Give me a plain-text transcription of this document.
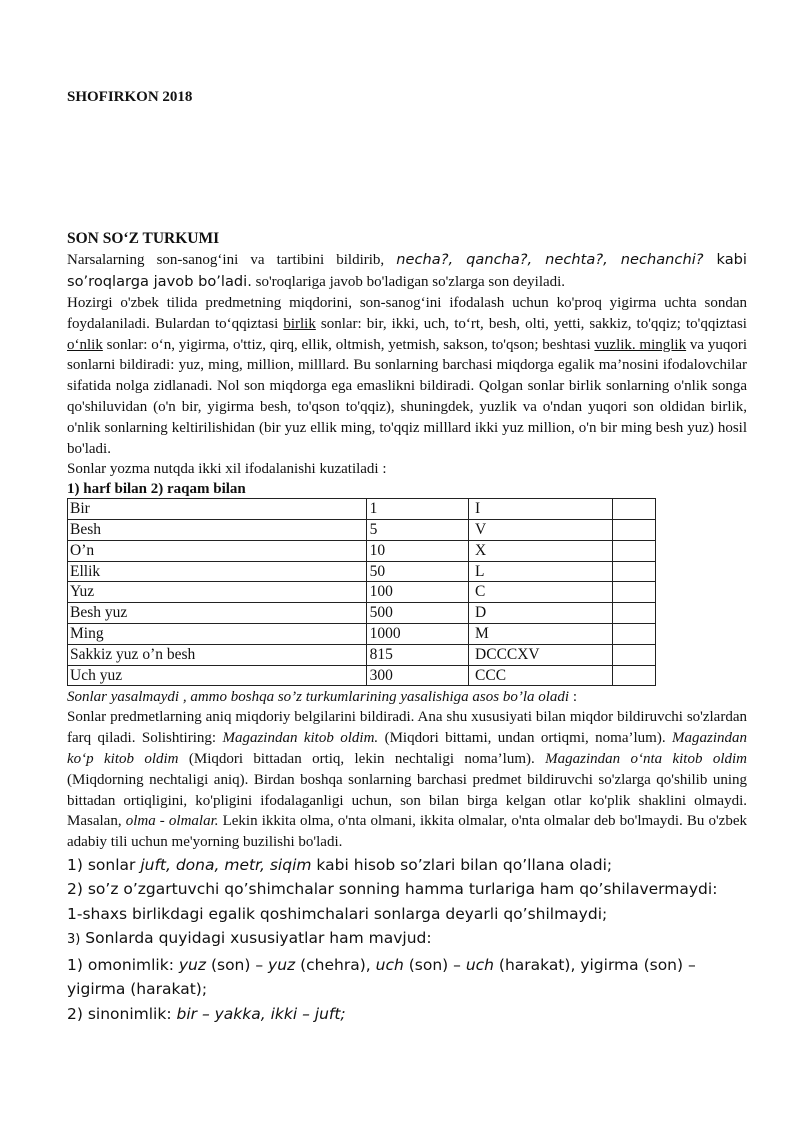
SHOFIRKON 2018

SON SO‘Z TURKUMI

Narsalarning son-sanog‘ini va tartibini bildirib, necha?, qancha?, nechta?, nechanchi? kabi so’roqlarga javob bo’ladi. so'roqlariga javob bo'ladigan so'zlarga son deyiladi.

Hozirgi o'zbek tilida predmetning miqdorini, son-sanog‘ini ifodalash uchun ko'proq yigirma uchta sondan foydalaniladi. Bulardan to‘qqiztasi birlik sonlar: bir, ikki, uch, to‘rt, besh, olti, yetti, sakkiz, to'qqiz; to'qqiztasi o‘nlik sonlar: o‘n, yigirma, o'ttiz, qirq, ellik, oltmish, yetmish, sakson, to'qson; beshtasi vuzlik. minglik va yuqori sonlarni bildiradi: yuz, ming, million, milllard. Bu sonlarning barchasi miqdorga egalik ma’nosini ifodalovchilar sifatida nolga zidlanadi. Nol son miqdorga ega emaslikni bildiradi. Qolgan sonlar birlik sonlarning o'nlik songa qo'shiluvidan (o'n bir, yigirma besh, to'qson to'qqiz), shuningdek, yuzlik va o'ndan yuqori son oldidan birlik, o'nlik sonlarning keltirilishidan (bir yuz ellik ming, to'qqiz milllard ikki yuz million, o'n bir ming besh yuz) hosil bo'ladi.

Sonlar yozma nutqda ikki xil ifodalanishi kuzatiladi :

1) harf bilan 2) raqam bilan

Bir	1	I	
Besh	5	V	
O’n	10	X	
Ellik	50	L	
Yuz	100	C	
Besh yuz	500	D	
Ming	1000	M	
Sakkiz yuz o’n besh	815	DCCCXV	
Uch yuz	300	CCC	

Sonlar yasalmaydi , ammo boshqa so’z turkumlarining yasalishiga asos bo’la oladi :

Sonlar predmetlarning aniq miqdoriy belgilarini bildiradi. Ana shu xususiyati bilan miqdor bildiruvchi so'zlardan farq qiladi. Solishtiring: Magazindan kitob oldim. (Miqdori bittami, undan ortiqmi, noma’lum). Magazindan ko‘p kitob oldim (Miqdori bittadan ortiq, lekin nechtaligi noma’lum). Magazindan o‘nta kitob oldim (Miqdorning nechtaligi aniq). Birdan boshqa sonlarning barchasi predmet bildiruvchi so'zlarga qo'shilib uning bittadan ortiqligini, ko'pligini ifodalaganligi uchun, son bilan birga kelgan otlar ko'plik shaklini olmaydi. Masalan, olma - olmalar. Lekin ikkita olma, o'nta olmani, ikkita olmalar, o'nta olmalar deb bo'lmaydi. Bu o'zbek adabiy tili uchun me'yorning buzilishi bo'ladi.

1) sonlar juft, dona, metr, siqim kabi hisob so’zlari bilan qo’llana oladi;

2) so’z o’zgartuvchi qo’shimchalar sonning hamma turlariga ham qo’shilavermaydi:

1-shaxs birlikdagi egalik qoshimchalari sonlarga deyarli qo’shilmaydi;

3) Sonlarda quyidagi xususiyatlar ham mavjud:

1) omonimlik: yuz (son) – yuz (chehra), uch (son) – uch (harakat), yigirma (son) – yigirma (harakat);

2) sinonimlik: bir – yakka, ikki – juft;
